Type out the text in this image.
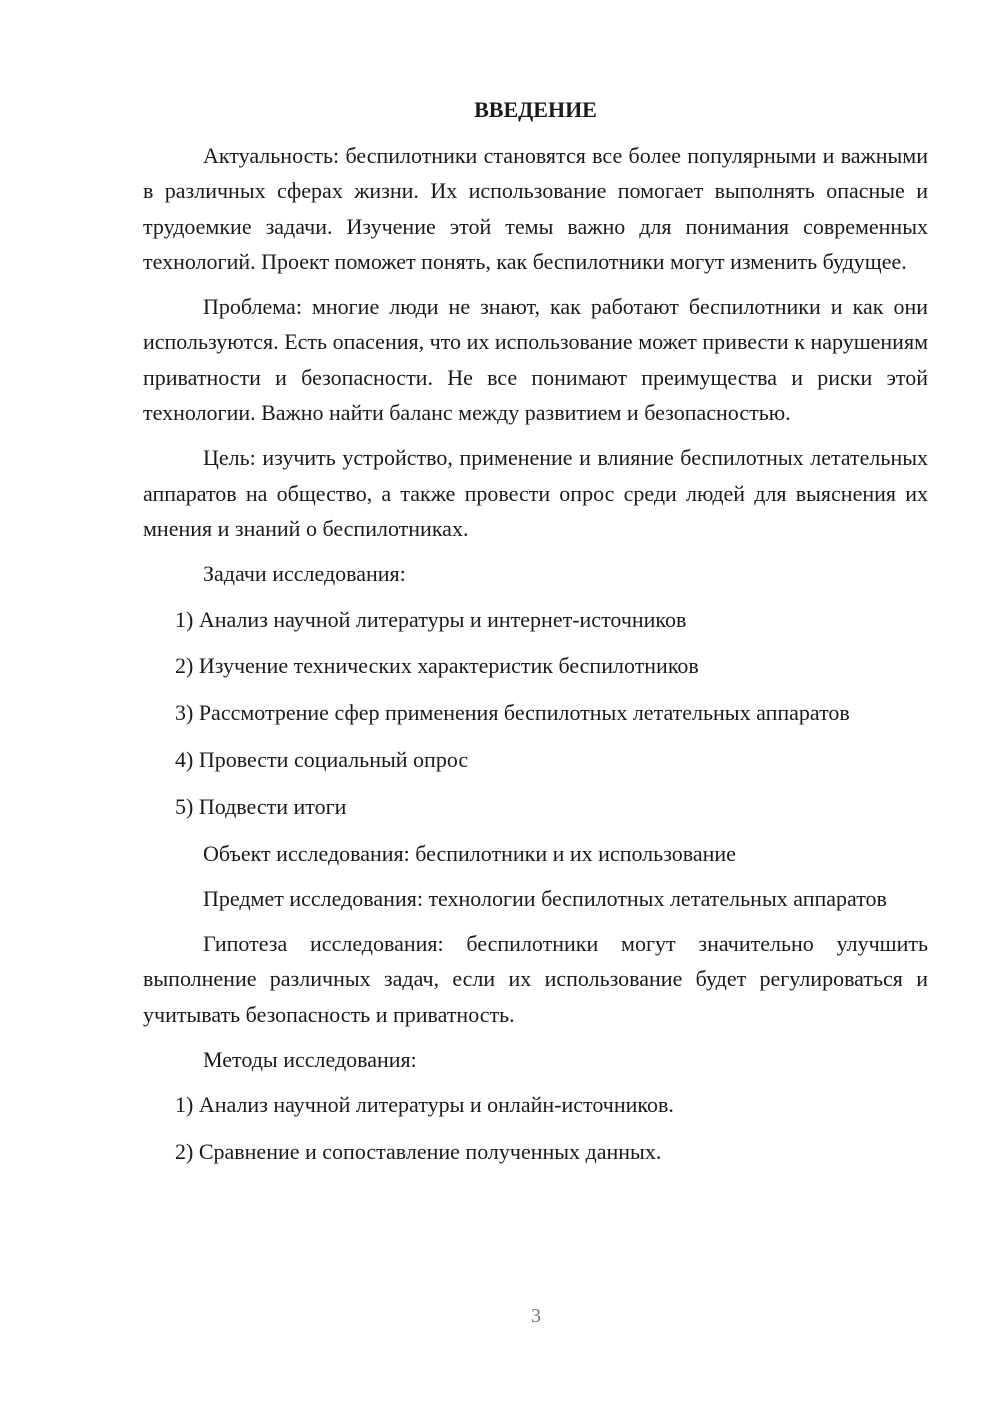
ВВЕДЕНИЕ

Актуальность: беспилотники становятся все более популярными и важными в различных сферах жизни. Их использование помогает выполнять опасные и трудоемкие задачи. Изучение этой темы важно для понимания современных технологий. Проект поможет понять, как беспилотники могут изменить будущее.

Проблема: многие люди не знают, как работают беспилотники и как они используются. Есть опасения, что их использование может привести к нарушениям приватности и безопасности. Не все понимают преимущества и риски этой технологии. Важно найти баланс между развитием и безопасностью.

Цель: изучить устройство, применение и влияние беспилотных летательных аппаратов на общество, а также провести опрос среди людей для выяснения их мнения и знаний о беспилотниках.

Задачи исследования:

1) Анализ научной литературы и интернет-источников

2) Изучение технических характеристик беспилотников

3) Рассмотрение сфер применения беспилотных летательных аппаратов

4) Провести социальный опрос

5) Подвести итоги

Объект исследования: беспилотники и их использование

Предмет исследования: технологии беспилотных летательных аппаратов

Гипотеза исследования: беспилотники могут значительно улучшить выполнение различных задач, если их использование будет регулироваться и учитывать безопасность и приватность.

Методы исследования:

1) Анализ научной литературы и онлайн-источников.

2) Сравнение и сопоставление полученных данных.

3
